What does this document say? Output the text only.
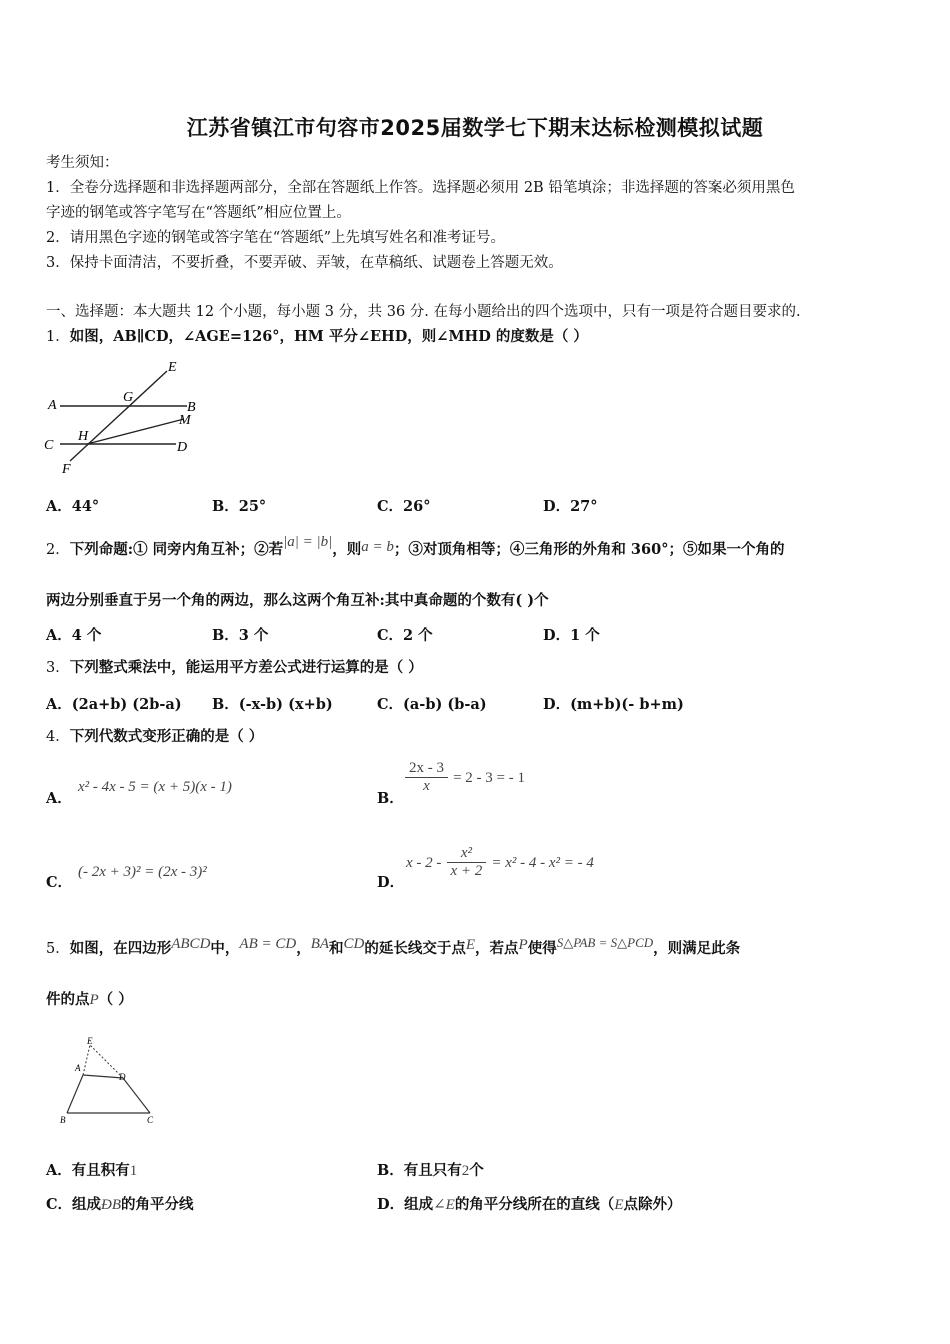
江苏省镇江市句容市2025届数学七下期末达标检测模拟试题
考生须知：
1．全卷分选择题和非选择题两部分，全部在答题纸上作答。选择题必须用 2B 铅笔填涂；非选择题的答案必须用黑色
字迹的钢笔或答字笔写在“答题纸”相应位置上。
2．请用黑色字迹的钢笔或答字笔在“答题纸”上先填写姓名和准考证号。
3．保持卡面清洁，不要折叠，不要弄破、弄皱，在草稿纸、试题卷上答题无效。
一、选择题：本大题共 12 个小题，每小题 3 分，共 36 分. 在每小题给出的四个选项中，只有一项是符合题目要求的.
1．如图，AB∥CD，∠AGE=126°，HM 平分∠EHD，则∠MHD 的度数是（ ）
A	B
C	D
E
F
G
H
M
A．44°	B．25°	C．26°	D．27°
2．下列命题:① 同旁内角互补；②若|a| = |b|，则a = b；③对顶角相等；④三角形的外角和 360°；⑤如果一个角的
两边分别垂直于另一个角的两边，那么这两个角互补:其中真命题的个数有( )个
A．4 个	B．3 个	C．2 个	D．1 个
3．下列整式乘法中，能运用平方差公式进行运算的是（ ）
A．(2a+b) (2b-a) B．(-x-b) (x+b)	C．(a-b) (b-a)	D．(m+b)(- b+m)
4．下列代数式变形正确的是（ ）
A．
x² - 4x - 5 = (x + 5)(x - 1)
B．
$\frac{2x - 3}{x} = 2 - 3$ = - 1
C．
(- 2x + 3)² = (2x - 3)²
D．
$x - 2 - \frac{\text{x²}}{x + 2} = x^2 - 4 - x^2$ = - 4
5．如图，在四边形ABCD中，AB = CD，BA和CD的延长线交于点E，若点P使得S△PAB = S△PCD，则满足此条
件的点P（ ）
E
A
D
B	C
A．有且积有1	B．有且只有2个
C．组成ÐB的角平分线	D．组成∠E的角平分线所在的直线（E点除外）
